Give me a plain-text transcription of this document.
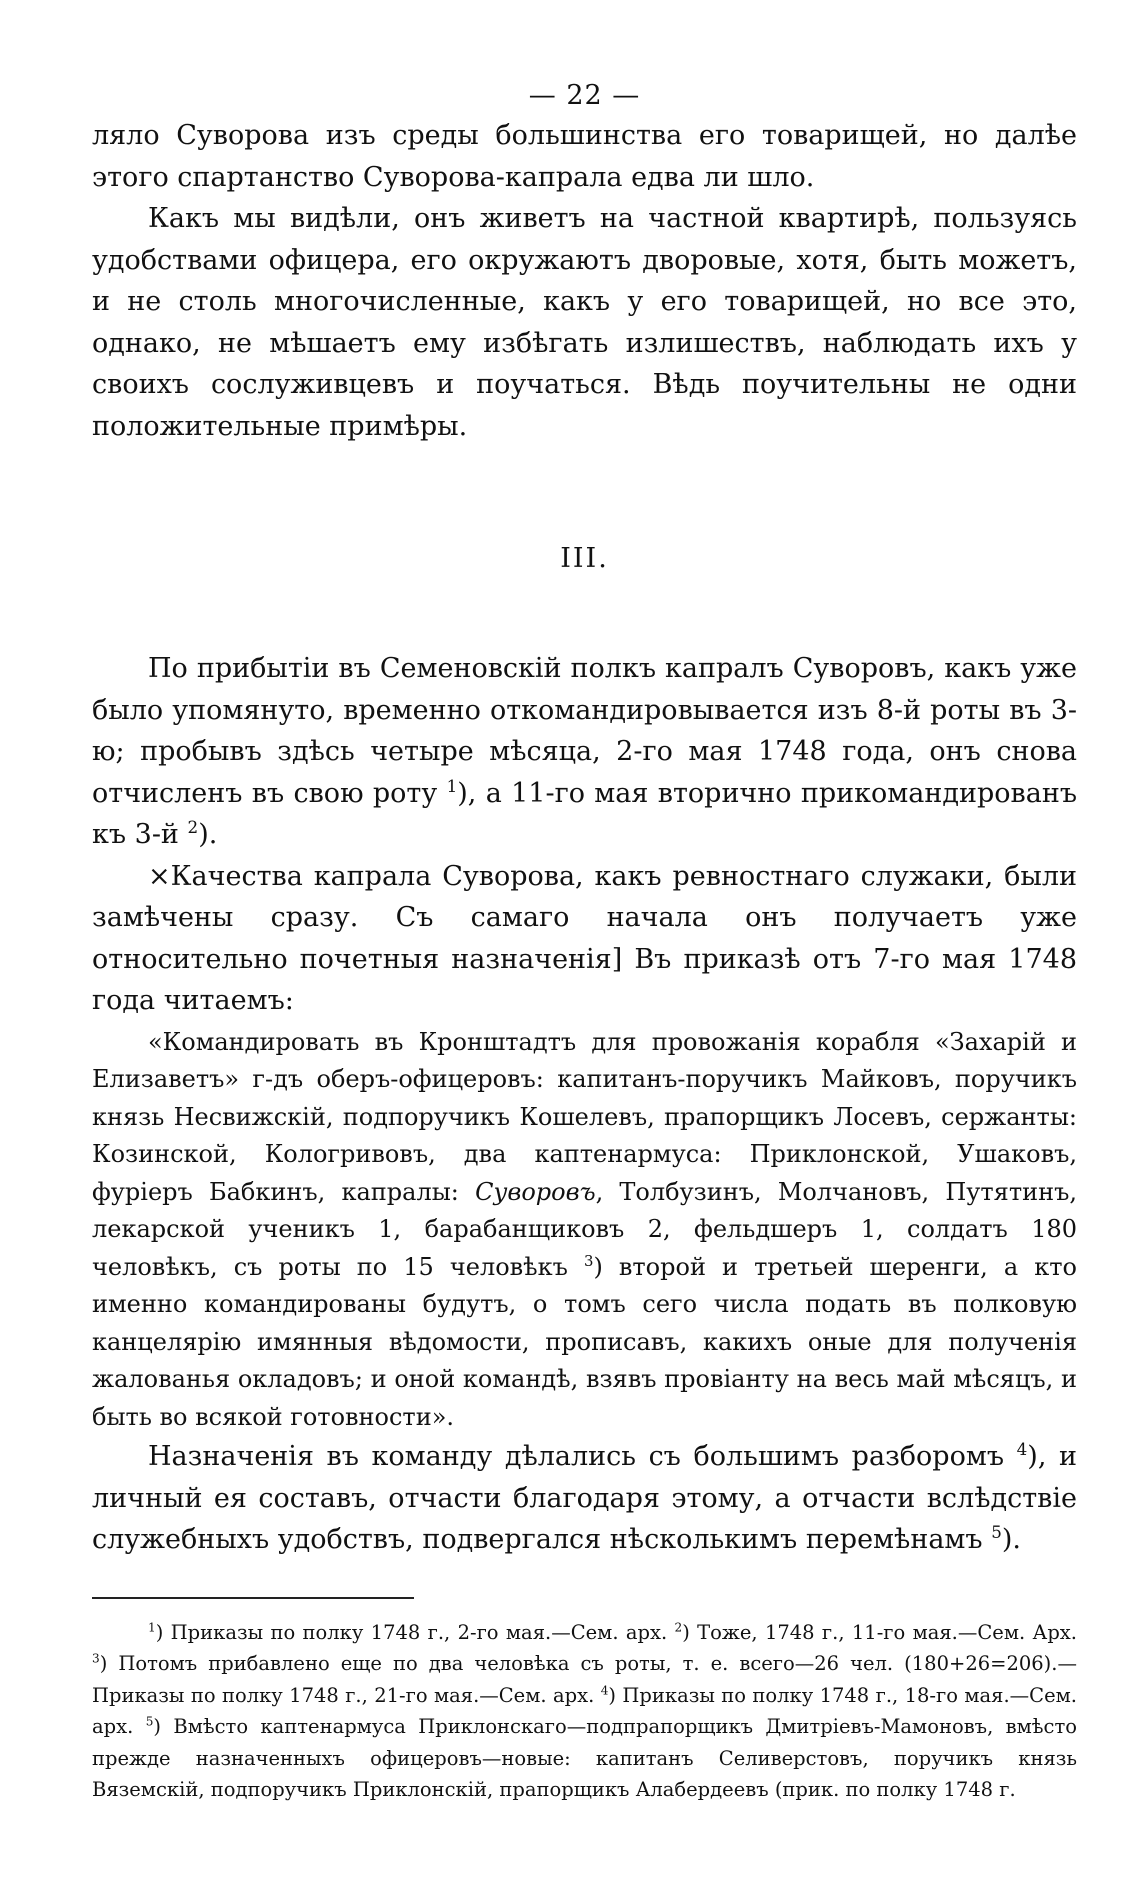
— 22 —

ляло Суворова изъ среды большинства его товарищей, но далѣе этого спартанство Суворова-капрала едва ли шло.

Какъ мы видѣли, онъ живетъ на частной квартирѣ, пользуясь удобствами офицера, его окружаютъ дворовые, хотя, быть можетъ, и не столь многочисленные, какъ у его товарищей, но все это, однако, не мѣшаетъ ему избѣгать излишествъ, наблюдать ихъ у своихъ сослуживцевъ и поучаться. Вѣдь поучительны не одни положительные примѣры.

III.

По прибытіи въ Семеновскій полкъ капралъ Суворовъ, какъ уже было упомянуто, временно откомандировывается изъ 8-й роты въ 3-ю; пробывъ здѣсь четыре мѣсяца, 2-го мая 1748 года, онъ снова отчисленъ въ свою роту $^1$), а 11-го мая вторично прикомандированъ къ 3-й $^2$).

×Качества капрала Суворова, какъ ревностнаго служаки, были замѣчены сразу. Съ самаго начала онъ получаетъ уже относительно почетныя назначенія] Въ приказѣ отъ 7-го мая 1748 года читаемъ:

«Командировать въ Кронштадтъ для провожанія корабля «Захарій и Елизаветъ» г-дъ оберъ-офицеровъ: капитанъ-поручикъ Майковъ, поручикъ князь Несвижскій, подпоручикъ Кошелевъ, прапорщикъ Лосевъ, сержанты: Козинской, Кологривовъ, два каптенармуса: Приклонской, Ушаковъ, фурiеръ Бабкинъ, капралы: Суворовъ, Толбузинъ, Молчановъ, Путятинъ, лекарской ученикъ 1, барабанщиковъ 2, фельдшеръ 1, солдатъ 180 человѣкъ, съ роты по 15 человѣкъ $^3$) второй и третьей шеренги, а кто именно командированы будутъ, о томъ сего числа подать въ полковую канцелярію имянныя вѣдомости, прописавъ, какихъ оные для полученія жалованья окладовъ; и оной командѣ, взявъ провіанту на весь май мѣсяцъ, и быть во всякой готовности».

Назначенія въ команду дѣлались съ большимъ разборомъ $^4$), и личный ея составъ, отчасти благодаря этому, а отчасти вслѣдствіе служебныхъ удобствъ, подвергался нѣсколькимъ перемѣнамъ $^5$).

$^1$) Приказы по полку 1748 г., 2-го мая.—Сем. арх. $^2$) Тоже, 1748 г., 11-го мая.—Сем. Арх. $^3$) Потомъ прибавлено еще по два человѣка съ роты, т. е. всего—26 чел. (180+26=206).—Приказы по полку 1748 г., 21-го мая.—Сем. арх. $^4$) Приказы по полку 1748 г., 18-го мая.—Сем. арх. $^5$) Вмѣсто каптенармуса Приклонскаго—подпрапорщикъ Дмитріевъ-Мамоновъ, вмѣсто прежде назначенныхъ офицеровъ—новые: капитанъ Селиверстовъ, поручикъ князь Вяземскій, подпоручикъ Приклонскій, прапорщикъ Алабердеевъ (прик. по полку 1748 г.
